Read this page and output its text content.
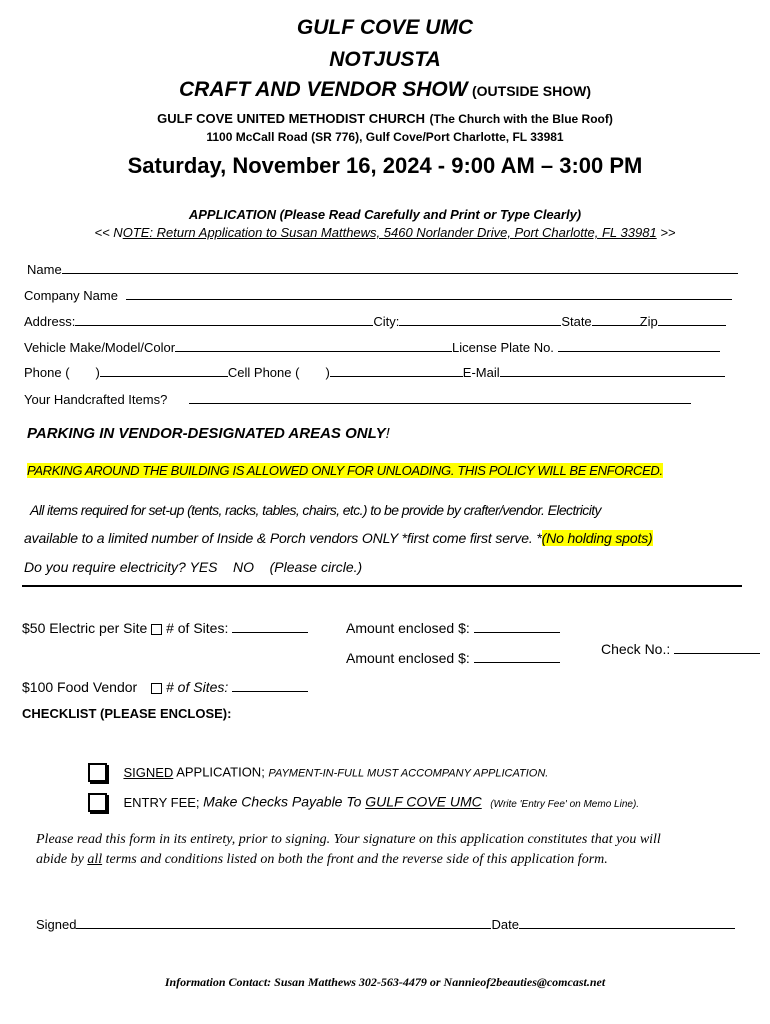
GULF COVE UMC
NOTJUSTA
CRAFT AND VENDOR SHOW (OUTSIDE SHOW)
GULF COVE UNITED METHODIST CHURCH (The Church with the Blue Roof)
1100 McCall Road (SR 776), Gulf Cove/Port Charlotte, FL 33981
Saturday, November 16, 2024 - 9:00 AM – 3:00 PM
APPLICATION (Please Read Carefully and Print or Type Clearly)
<< NOTE: Return Application to Susan Matthews, 5460 Norlander Drive, Port Charlotte, FL 33981 >>
Name
Company Name
Address:	City:	State	Zip
Vehicle Make/Model/Color	License Plate No.
Phone ( )	Cell Phone ( )	E-Mail
Your Handcrafted Items?
PARKING IN VENDOR-DESIGNATED AREAS ONLY!
PARKING AROUND THE BUILDING IS ALLOWED ONLY FOR UNLOADING. THIS POLICY WILL BE ENFORCED.
All items required for set-up (tents, racks, tables, chairs, etc.) to be provide by crafter/vendor. Electricity
available to a limited number of Inside & Porch vendors ONLY *first come first serve. *(No holding spots)
Do you require electricity? YES    NO    (Please circle.)
$50 Electric per Site # of Sites:	Amount enclosed $:
Check No.:
Amount enclosed $:
$100 Food Vendor # of Sites:
CHECKLIST (PLEASE ENCLOSE):
SIGNED APPLICATION; PAYMENT-IN-FULL MUST ACCOMPANY APPLICATION.
ENTRY FEE; Make Checks Payable To GULF COVE UMC (Write 'Entry Fee' on Memo Line).
Please read this form in its entirety, prior to signing. Your signature on this application constitutes that you will
abide by all terms and conditions listed on both the front and the reverse side of this application form.
Signed	Date
Information Contact: Susan Matthews 302-563-4479 or Nannieof2beauties@comcast.net
